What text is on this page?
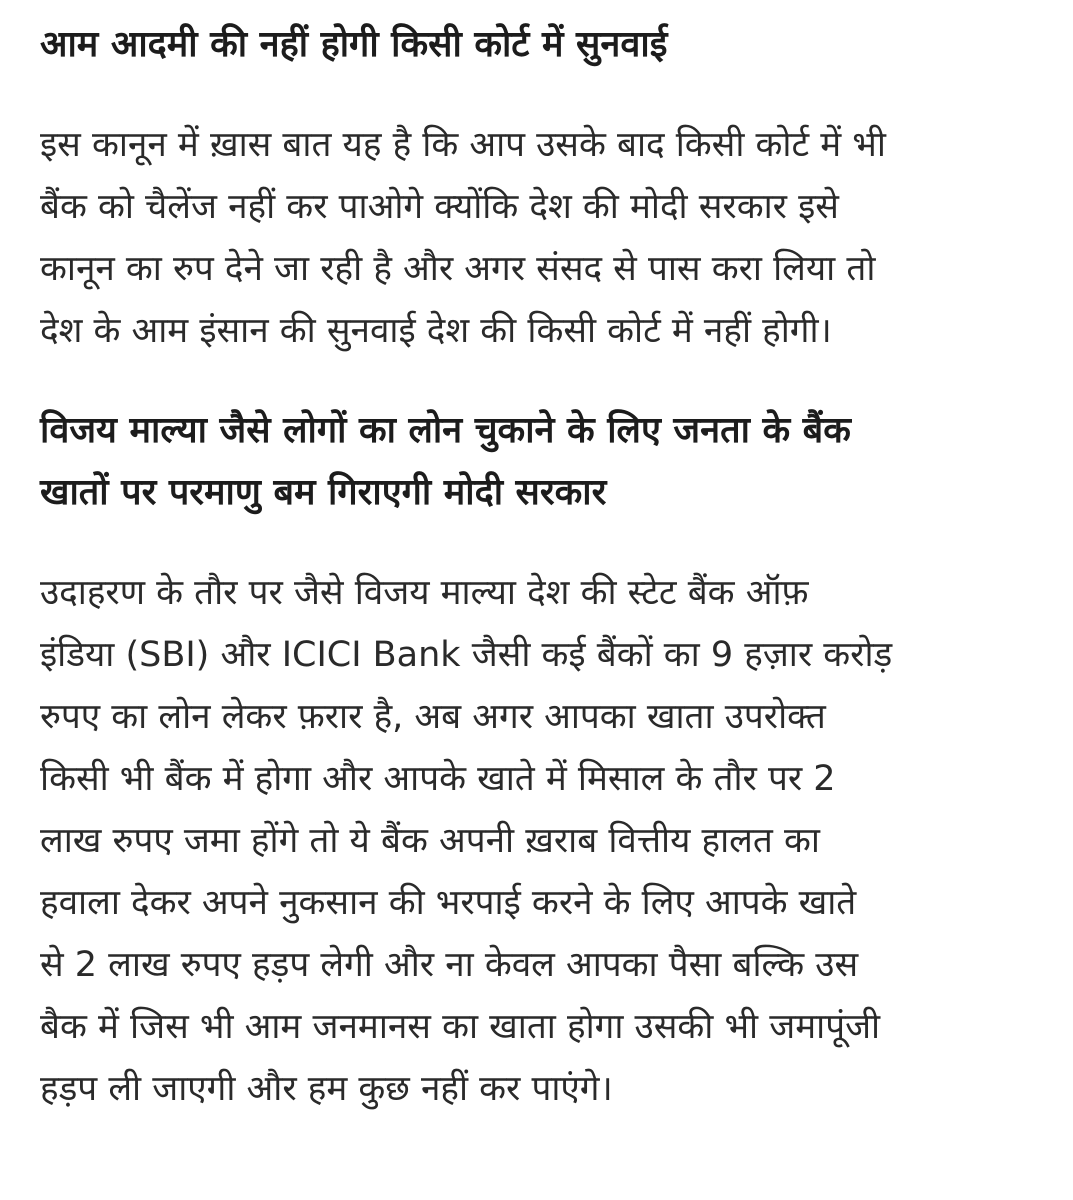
आम आदमी की नहीं होगी किसी कोर्ट में सुनवाई

इस कानून में ख़ास बात यह है कि आप उसके बाद किसी कोर्ट में भी
बैंक को चैलेंज नहीं कर पाओगे क्योंकि देश की मोदी सरकार इसे
कानून का रुप देने जा रही है और अगर संसद से पास करा लिया तो
देश के आम इंसान की सुनवाई देश की किसी कोर्ट में नहीं होगी।

विजय माल्या जैसे लोगों का लोन चुकाने के लिए जनता के बैंक
खातों पर परमाणु बम गिराएगी मोदी सरकार

उदाहरण के तौर पर जैसे विजय माल्या देश की स्टेट बैंक ऑफ़
इंडिया (SBI) और ICICI Bank जैसी कई बैंकों का 9 हज़ार करोड़
रुपए का लोन लेकर फ़रार है, अब अगर आपका खाता उपरोक्त
किसी भी बैंक में होगा और आपके खाते में मिसाल के तौर पर 2
लाख रुपए जमा होंगे तो ये बैंक अपनी ख़राब वित्तीय हालत का
हवाला देकर अपने नुकसान की भरपाई करने के लिए आपके खाते
से 2 लाख रुपए हड़प लेगी और ना केवल आपका पैसा बल्कि उस
बैक में जिस भी आम जनमानस का खाता होगा उसकी भी जमापूंजी
हड़प ली जाएगी और हम कुछ नहीं कर पाएंगे।
